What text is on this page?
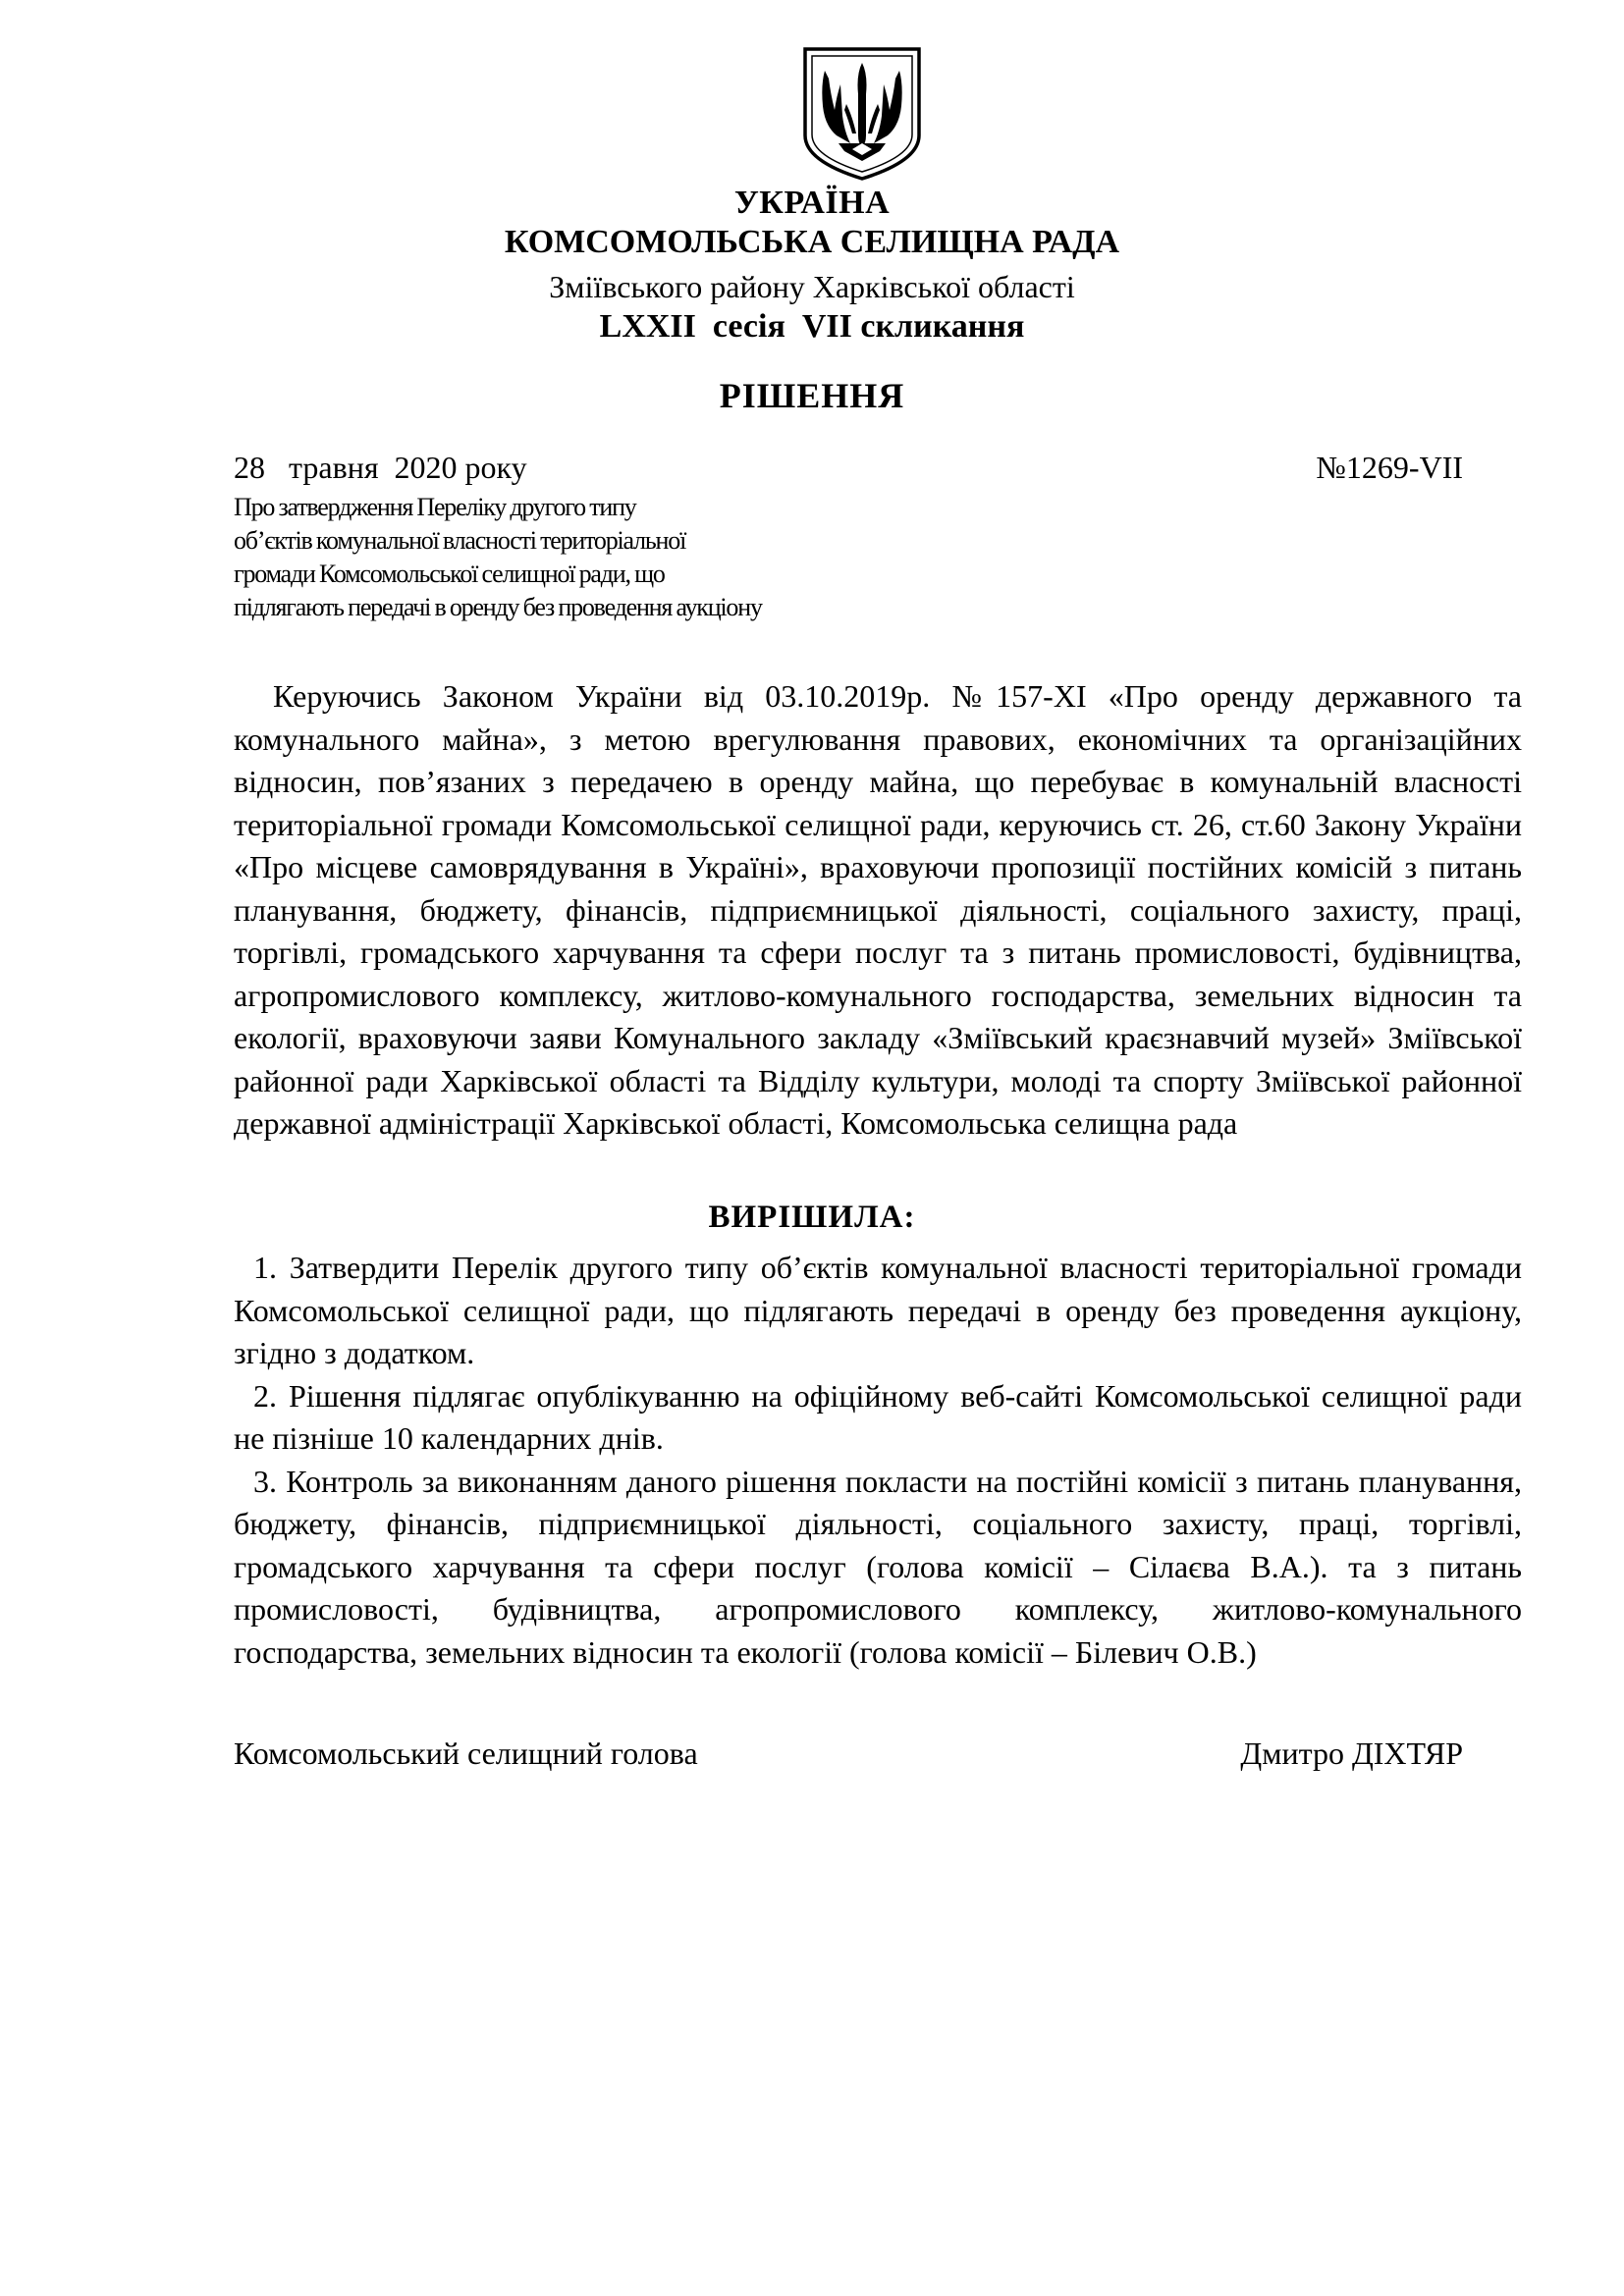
УКРАЇНА
КОМСОМОЛЬСЬКА СЕЛИЩНА РАДА
Зміївського району Харківської області
LXXII  сесія  VII скликання
РІШЕННЯ
28   травня  2020 року	№1269-VII
Про затвердження Переліку другого типу
об’єктів комунальної власності територіальної
громади Комсомольської селищної ради, що
підлягають передачі в оренду без проведення аукціону
Керуючись Законом України від 03.10.2019р. №157-ХІ «Про оренду державного та комунального майна», з метою врегулювання правових, економічних та організаційних відносин, пов’язаних з передачею в оренду майна, що перебуває в комунальній власності територіальної громади Комсомольської селищної ради, керуючись ст. 26, ст.60 Закону України «Про місцеве самоврядування в Україні», враховуючи пропозиції постійних комісій з питань планування, бюджету, фінансів, підприємницької діяльності, соціального захисту, праці, торгівлі, громадського харчування та сфери послуг та з питань промисловості, будівництва, агропромислового комплексу, житлово-комунального господарства, земельних відносин та екології, враховуючи заяви Комунального закладу «Зміївський краєзнавчий музей» Зміївської районної ради Харківської області та Відділу культури, молоді та спорту Зміївської районної державної адміністрації Харківської області, Комсомольська селищна рада
ВИРІШИЛА:
1. Затвердити Перелік другого типу об’єктів комунальної власності територіальної громади Комсомольської селищної ради, що підлягають передачі в оренду без проведення аукціону, згідно з додатком.
2. Рішення підлягає опублікуванню на офіційному веб-сайті Комсомольської селищної ради не пізніше 10 календарних днів.
3. Контроль за виконанням даного рішення покласти на постійні комісії з питань планування, бюджету, фінансів, підприємницької діяльності, соціального захисту, праці, торгівлі, громадського харчування та сфери послуг (голова комісії – Сілаєва В.А.). та з питань промисловості, будівництва, агропромислового комплексу, житлово-комунального господарства, земельних відносин та екології (голова комісії – Білевич О.В.)
Комсомольський селищний голова	Дмитро ДІХТЯР
